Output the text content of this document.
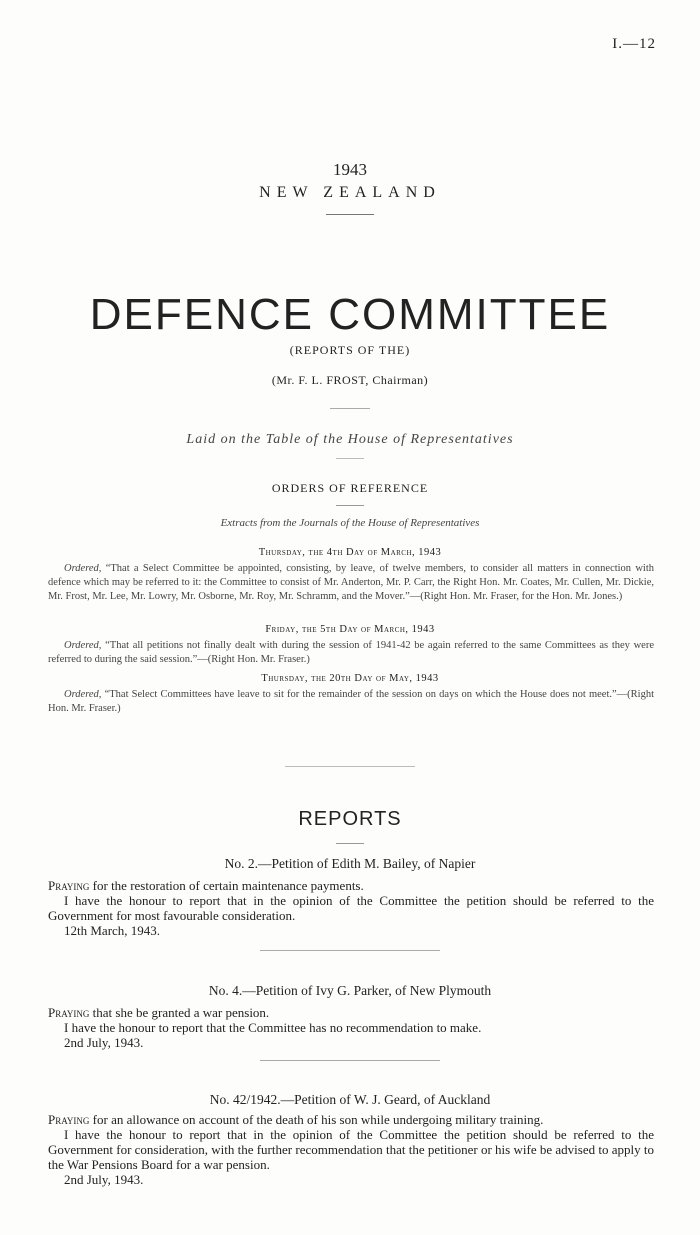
I.—12
1943
NEW ZEALAND
DEFENCE COMMITTEE
(REPORTS OF THE)
(Mr. F. L. FROST, Chairman)
Laid on the Table of the House of Representatives
ORDERS OF REFERENCE
Extracts from the Journals of the House of Representatives
Thursday, the 4th Day of March, 1943
Ordered, “That a Select Committee be appointed, consisting, by leave, of twelve members, to consider all matters in connection with defence which may be referred to it: the Committee to consist of Mr. Anderton, Mr. P. Carr, the Right Hon. Mr. Coates, Mr. Cullen, Mr. Dickie, Mr. Frost, Mr. Lee, Mr. Lowry, Mr. Osborne, Mr. Roy, Mr. Schramm, and the Mover.”—(Right Hon. Mr. Fraser, for the Hon. Mr. Jones.)
Friday, the 5th Day of March, 1943
Ordered, “That all petitions not finally dealt with during the session of 1941-42 be again referred to the same Committees as they were referred to during the said session.”—(Right Hon. Mr. Fraser.)
Thursday, the 20th Day of May, 1943
Ordered, “That Select Committees have leave to sit for the remainder of the session on days on which the House does not meet.”—(Right Hon. Mr. Fraser.)
REPORTS
No. 2.—Petition of Edith M. Bailey, of Napier
Praying for the restoration of certain maintenance payments.
I have the honour to report that in the opinion of the Committee the petition should be referred to the Government for most favourable consideration.
12th March, 1943.
No. 4.—Petition of Ivy G. Parker, of New Plymouth
Praying that she be granted a war pension.
I have the honour to report that the Committee has no recommendation to make.
2nd July, 1943.
No. 42/1942.—Petition of W. J. Geard, of Auckland
Praying for an allowance on account of the death of his son while undergoing military training.
I have the honour to report that in the opinion of the Committee the petition should be referred to the Government for consideration, with the further recommendation that the petitioner or his wife be advised to apply to the War Pensions Board for a war pension.
2nd July, 1943.
